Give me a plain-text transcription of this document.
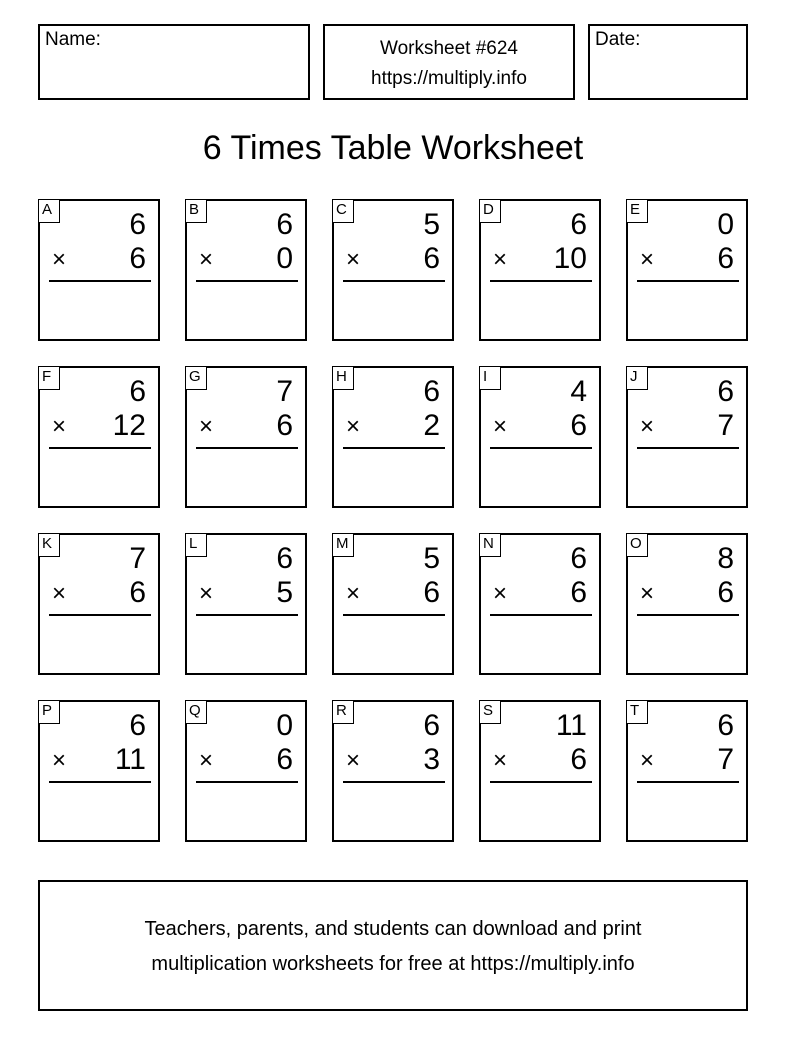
Name:	Worksheet #624
https://multiply.info
Date:
6 Times Table Worksheet
A	6
× 6
B	6
× 0
C	5
× 6
D	6
× 10
E	0
× 6
F	6
× 12
G	7
× 6
H	6
× 2
I	4
× 6
J	6
× 7
K	7
× 6
L	6
× 5
M 5
× 6
N	6
× 6
O	8
× 6
P	6
× 11
Q	0
× 6
R	6
× 3
S 11
× 6
T	6
× 7
Teachers, parents, and students can download and print
multiplication worksheets for free at https://multiply.info
